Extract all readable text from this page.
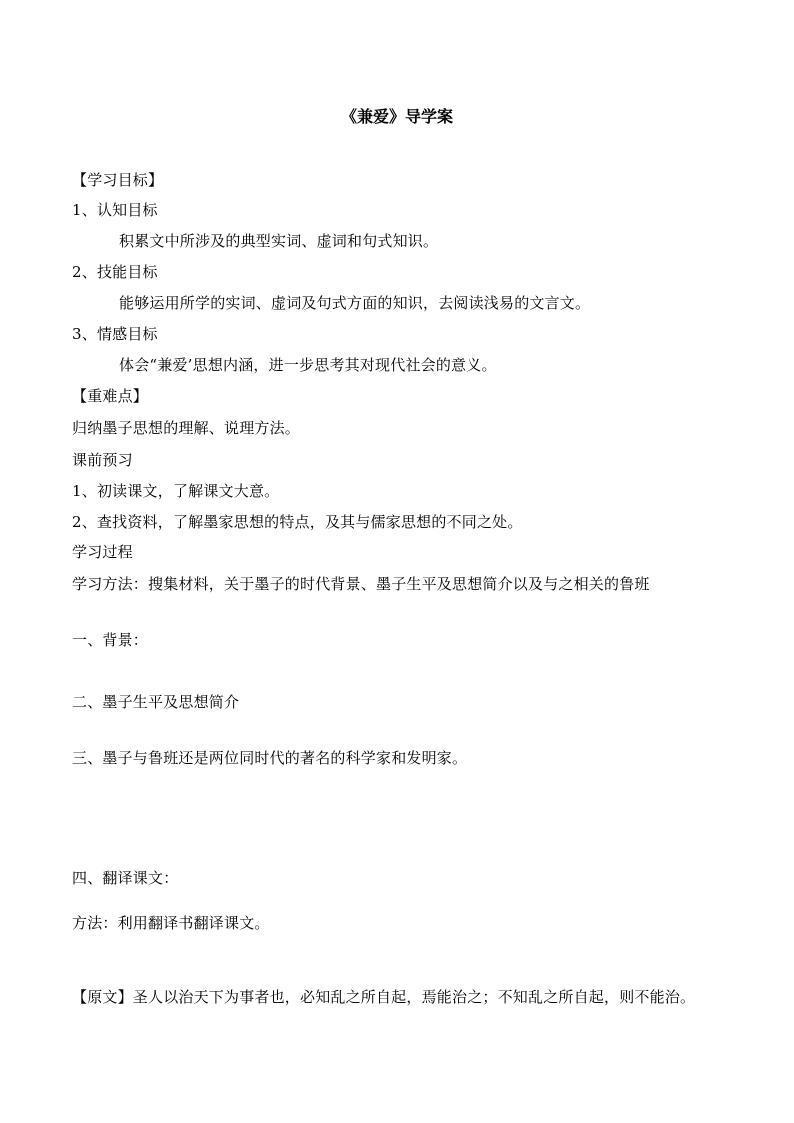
《兼爱》导学案
【学习目标】
1、认知目标
积累文中所涉及的典型实词、虚词和句式知识。
2、技能目标
能够运用所学的实词、虚词及句式方面的知识，去阅读浅易的文言文。
3、情感目标
体会“兼爱’思想内涵，进一步思考其对现代社会的意义。
【重难点】
归纳墨子思想的理解、说理方法。
课前预习
1、初读课文，了解课文大意。
2、查找资料，了解墨家思想的特点，及其与儒家思想的不同之处。
学习过程
学习方法：搜集材料，关于墨子的时代背景、墨子生平及思想简介以及与之相关的鲁班
一、背景：
二、墨子生平及思想简介
三、墨子与鲁班还是两位同时代的著名的科学家和发明家。
四、翻译课文：
方法：利用翻译书翻译课文。
【原文】圣人以治天下为事者也，必知乱之所自起，焉能治之；不知乱之所自起，则不能治。
